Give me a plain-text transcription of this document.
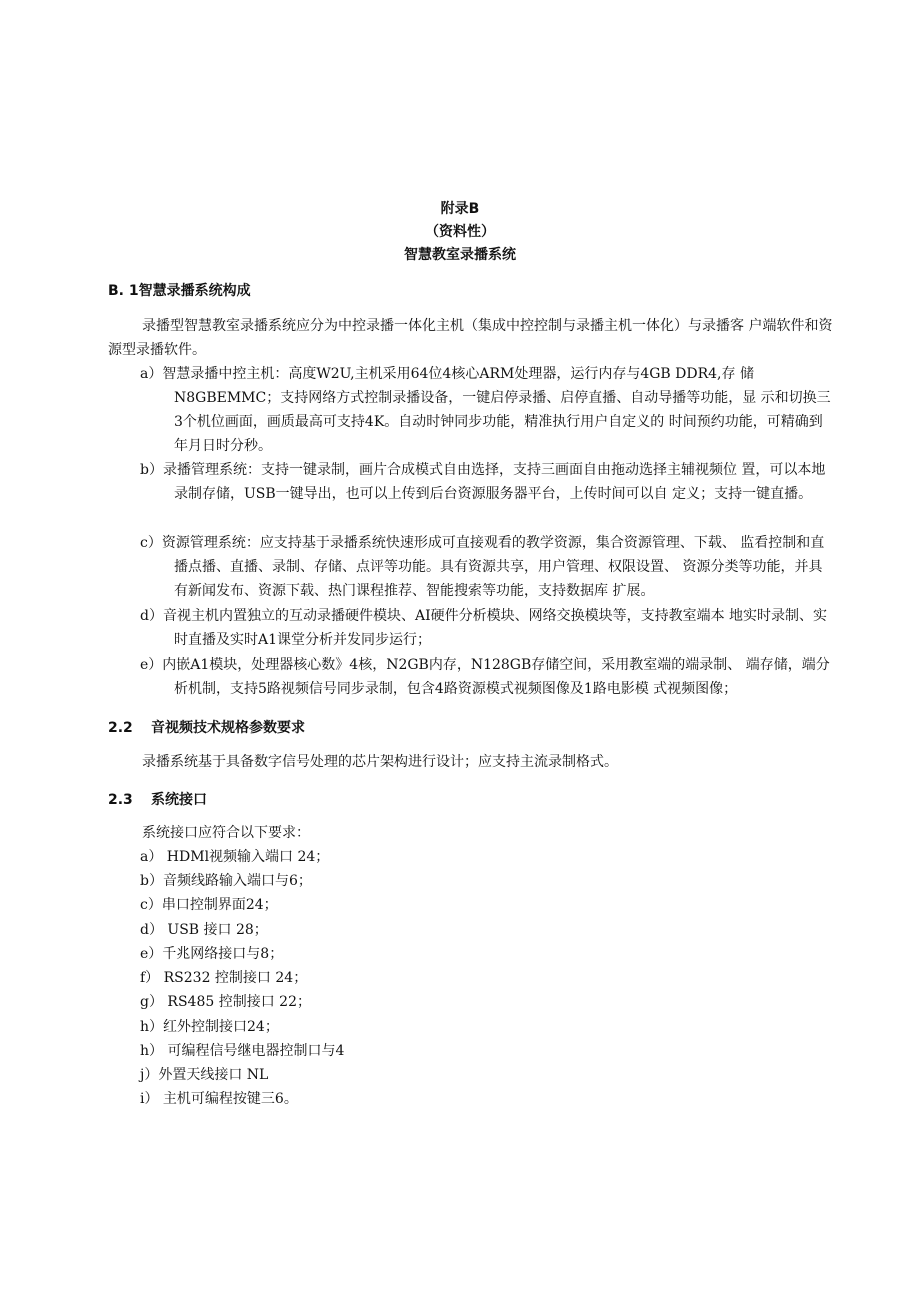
附录B
（资料性）
智慧教室录播系统
B. 1智慧录播系统构成
录播型智慧教室录播系统应分为中控录播一体化主机（集成中控控制与录播主机一体化）与录播客 户端软件和资源型录播软件。
a）智慧录播中控主机：高度W2U,主机采用64位4核心ARM处理器，运行内存与4GB DDR4,存 储N8GBEMMC；支持网络方式控制录播设备，一键启停录播、启停直播、自动导播等功能，显 示和切换三3个机位画面，画质最高可支持4K。自动时钟同步功能，精准执行用户自定义的 时间预约功能，可精确到年月日时分秒。
b）录播管理系统：支持一键录制，画片合成模式自由选择，支持三画面自由拖动选择主辅视频位 置，可以本地录制存储，USB一键导出，也可以上传到后台资源服务器平台，上传时间可以自 定义；支持一键直播。
c）资源管理系统：应支持基于录播系统快速形成可直接观看的教学资源，集合资源管理、下载、 监看控制和直播点播、直播、录制、存储、点评等功能。具有资源共享，用户管理、权限设置、 资源分类等功能，并具有新闻发布、资源下载、热门课程推荐、智能搜索等功能，支持数据库 扩展。
d）音视主机内置独立的互动录播硬件模块、AI硬件分析模块、网络交换模块等，支持教室端本 地实时录制、实时直播及实时A1课堂分析并发同步运行；
e）内嵌A1模块，处理器核心数》4核，N2GB内存，N128GB存储空间，采用教室端的端录制、 端存储，端分析机制，支持5路视频信号同步录制，包含4路资源模式视频图像及1路电影模 式视频图像；
2.2 音视频技术规格参数要求
录播系统基于具备数字信号处理的芯片架构进行设计；应支持主流录制格式。
2.3 系统接口
系统接口应符合以下要求：
a） HDMl视频输入端口 24；
b）音频线路输入端口与6；
c）串口控制界面24；
d） USB 接口 28；
e）千兆网络接口与8；
f） RS232 控制接口 24；
g） RS485 控制接口 22；
h）红外控制接口24；
h） 可编程信号继电器控制口与4
j）外置天线接口 NL
i） 主机可编程按键三6。
